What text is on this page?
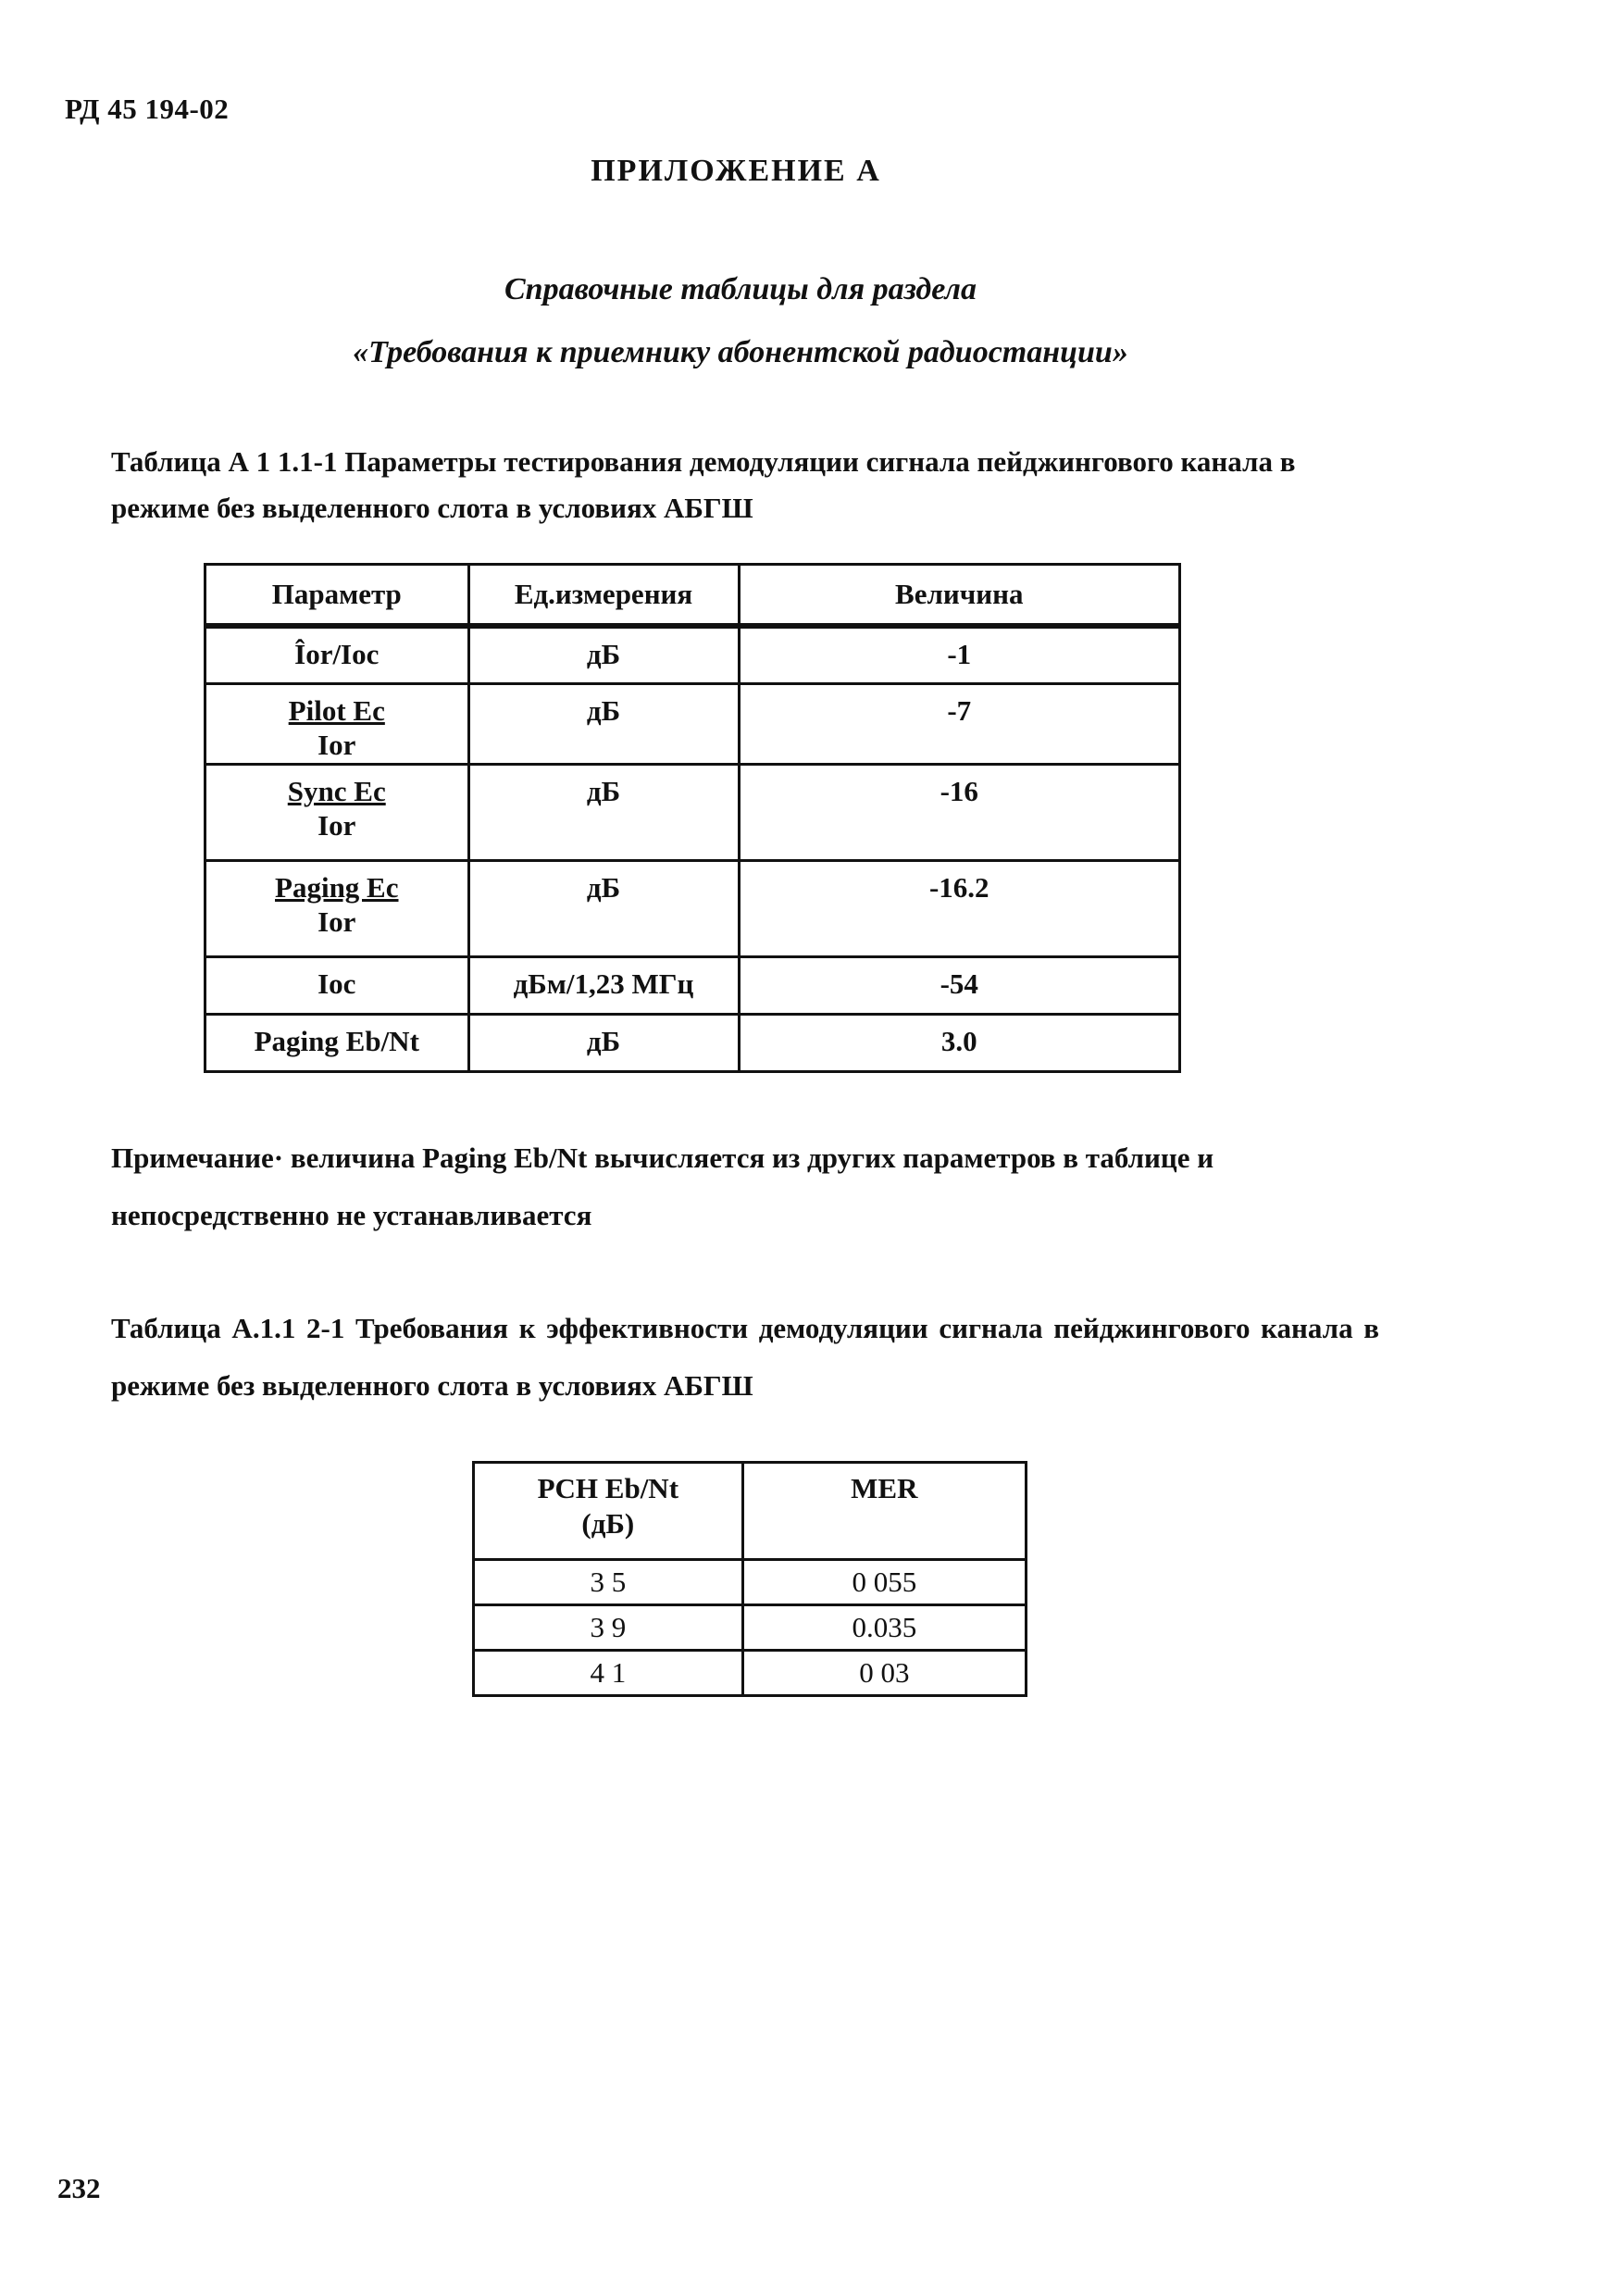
РД 45 194-02
ПРИЛОЖЕНИЕ А
Справочные таблицы для раздела
«Требования к приемнику абонентской радиостанции»
Таблица А 1 1.1-1 Параметры тестирования демодуляции сигнала пейджингового канала в режиме без выделенного слота в условиях АБГШ
Параметр	Ед.измерения	Величина

Îor/Ioc	дБ	-1

Pilot Ec
Ior	дБ	-7

Sync Ec
Ior	дБ	-16

Paging Ec
Ior	дБ	-16.2

Ioc	дБм/1,23 МГц	-54

Paging Eb/Nt	дБ	3.0
Примечание· величина Paging Eb/Nt вычисляется из других параметров в таблице и непосредственно не устанавливается
Таблица А.1.1 2-1 Требования к эффективности демодуляции сигнала пейджингового канала в режиме без выделенного слота в условиях АБГШ
PCH Eb/Nt
(дБ)	MER
3 5	0 055
3 9	0.035
4 1	0 03
232
